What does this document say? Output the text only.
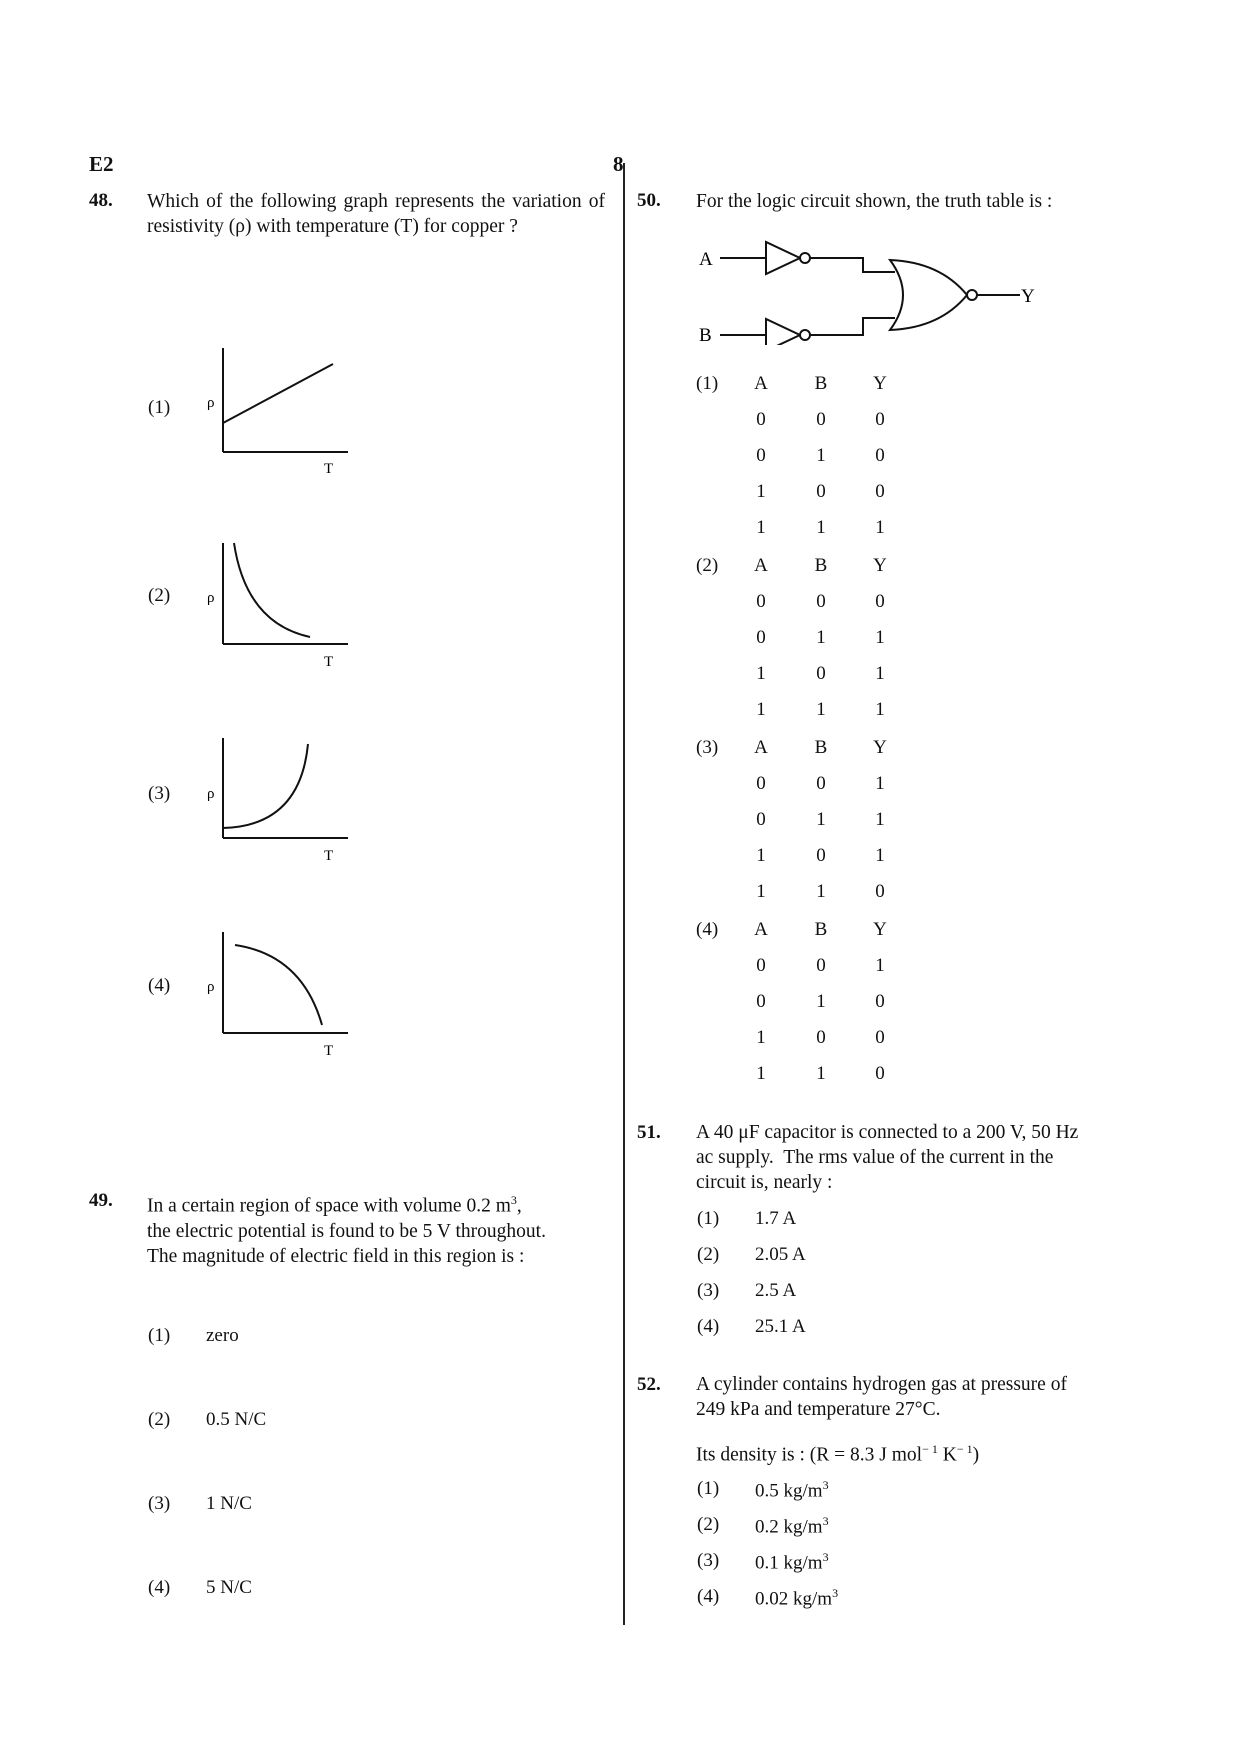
E2	8
48. Which of the following graph represents the variation of resistivity (ρ) with temperature (T) for copper ?
(1) ρ
T
(2) ρ
T
(3) ρ
T
(4) ρ
T
49. In a certain region of space with volume 0.2 $m^3$,
the electric potential is found to be 5 V throughout.
The magnitude of electric field in this region is :
(1) zero
(2) 0.5 N/C
(3) 1 N/C
(4) 5 N/C
50. For the logic circuit shown, the truth table is :
A
B
Y
(1)	A	B	Y
0	0	0
0	1	0
1	0	0
1	1	1
(2)	A	B	Y
0	0	0
0	1	1
1	0	1
1	1	1
(3)	A	B	Y
0	0	1
0	1	1
1	0	1
1	1	0
(4)	A	B	Y
0	0	1
0	1	0
1	0	0
1	1	0
51. A 40 μF capacitor is connected to a 200 V, 50 Hz
ac supply.  The rms value of the current in the
circuit is, nearly :
(1) 1.7 A
(2) 2.05 A
(3) 2.5 A
(4) 25.1 A
52. A cylinder contains hydrogen gas at pressure of
249 kPa and temperature 27°C.
Its density is : (R = 8.3 J mol$^{- 1}$ $K^{- 1}$)
(1) 0.5 $kg/m^3$
(2) 0.2 $kg/m^3$
(3) 0.1 $kg/m^3$
(4) 0.02 $kg/m^3$
